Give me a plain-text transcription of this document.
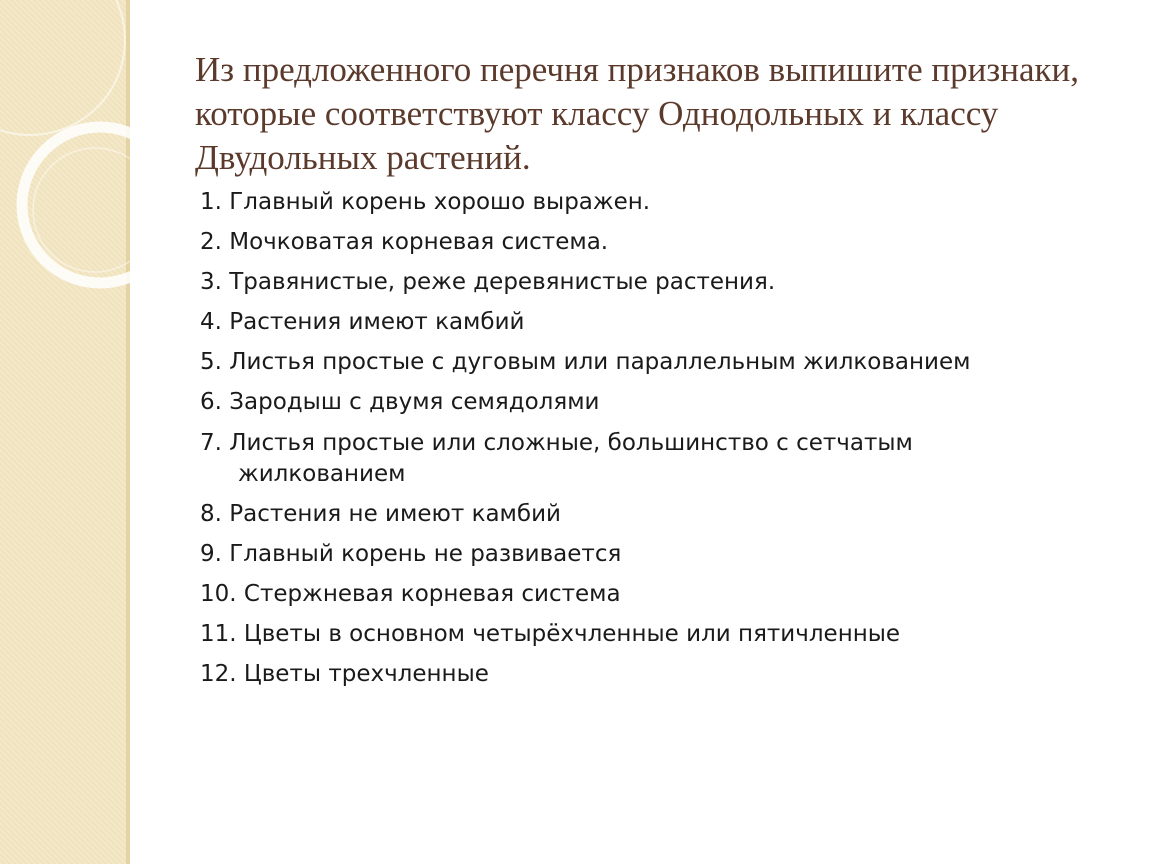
Из предложенного перечня признаков выпишите признаки, которые соответствуют классу Однодольных и классу Двудольных растений.
1. Главный корень хорошо выражен.
2. Мочковатая корневая система.
3. Травянистые, реже деревянистые растения.
4. Растения имеют камбий
5. Листья простые с дуговым или параллельным жилкованием
6. Зародыш с двумя семядолями
7. Листья простые или сложные, большинство с сетчатым
жилкованием
8. Растения не имеют камбий
9. Главный корень не развивается
10. Стержневая корневая система
11. Цветы в основном четырёхчленные или пятичленные
12. Цветы трехчленные
